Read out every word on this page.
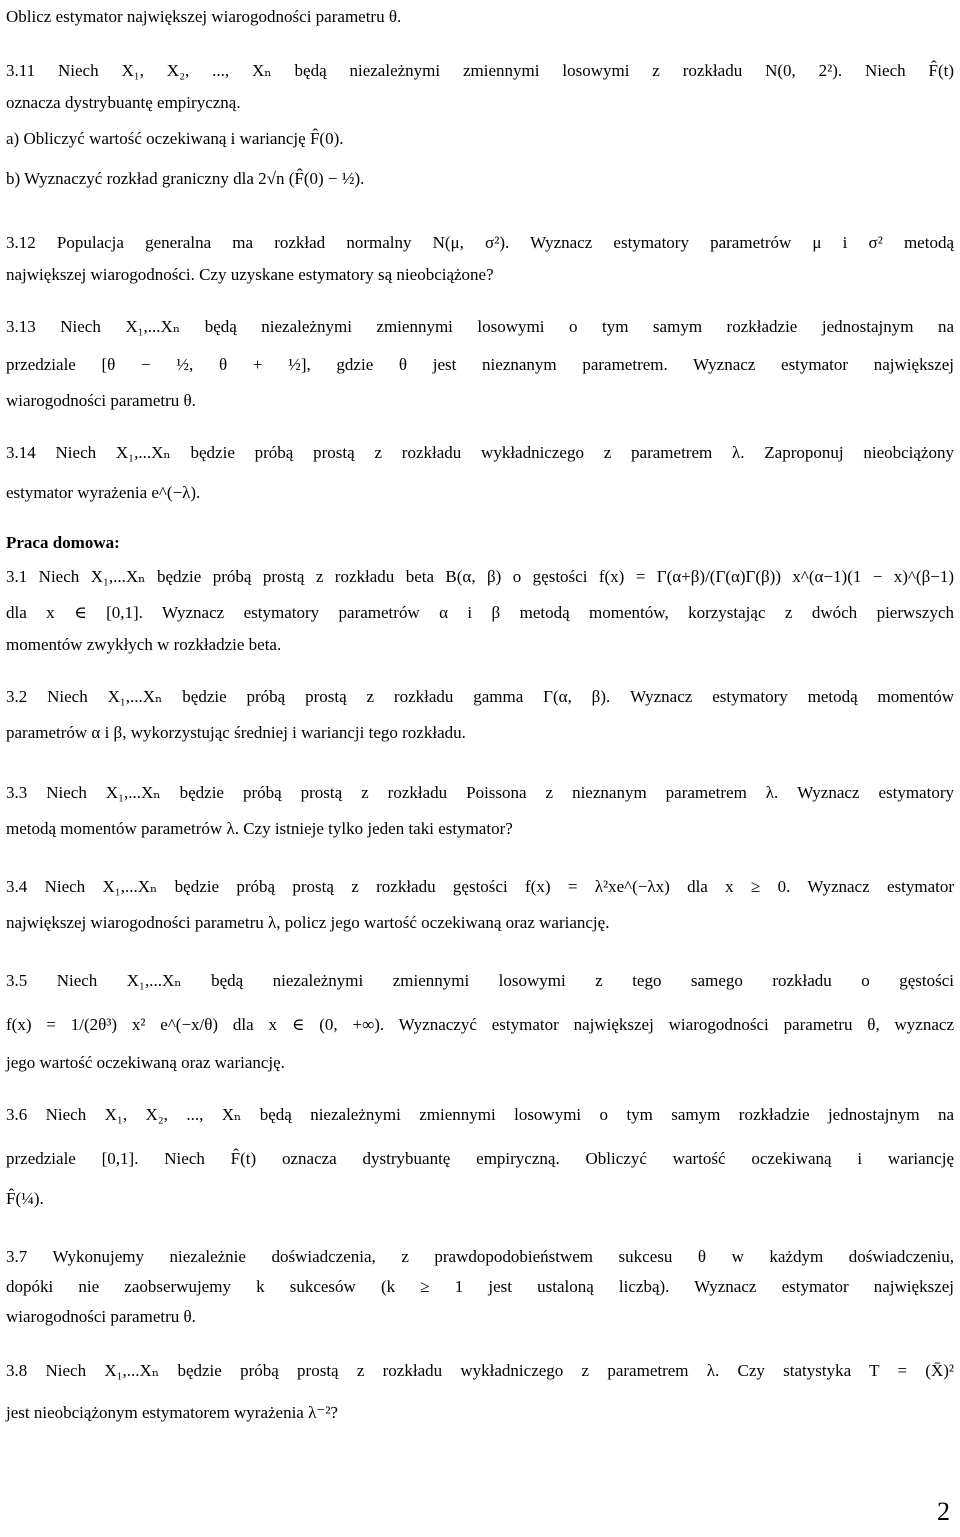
Oblicz estymator największej wiarogodności parametru θ.
3.11 Niech X₁, X₂, ..., Xₙ będą niezależnymi zmiennymi losowymi z rozkładu N(0, 2²). Niech F̂(t)
oznacza dystrybuantę empiryczną.
a) Obliczyć wartość oczekiwaną i wariancję F̂(0).
b) Wyznaczyć rozkład graniczny dla 2√n (F̂(0) − ½).
3.12 Populacja generalna ma rozkład normalny N(μ, σ²). Wyznacz estymatory parametrów μ i σ² metodą
największej wiarogodności. Czy uzyskane estymatory są nieobciążone?
3.13 Niech X₁,...Xₙ będą niezależnymi zmiennymi losowymi o tym samym rozkładzie jednostajnym na
przedziale [θ − ½, θ + ½], gdzie θ jest nieznanym parametrem. Wyznacz estymator największej
wiarogodności parametru θ.
3.14 Niech X₁,...Xₙ będzie próbą prostą z rozkładu wykładniczego z parametrem λ. Zaproponuj nieobciążony
estymator wyrażenia e^(−λ).
Praca domowa:
3.1 Niech X₁,...Xₙ będzie próbą prostą z rozkładu beta B(α, β) o gęstości f(x) = Γ(α+β)/(Γ(α)Γ(β)) x^(α−1)(1 − x)^(β−1)
dla x ∈ [0,1]. Wyznacz estymatory parametrów α i β metodą momentów, korzystając z dwóch pierwszych
momentów zwykłych w rozkładzie beta.
3.2 Niech X₁,...Xₙ będzie próbą prostą z rozkładu gamma Γ(α, β). Wyznacz estymatory metodą momentów
parametrów α i β, wykorzystując średniej i wariancji tego rozkładu.
3.3 Niech X₁,...Xₙ będzie próbą prostą z rozkładu Poissona z nieznanym parametrem λ. Wyznacz estymatory
metodą momentów parametrów λ. Czy istnieje tylko jeden taki estymator?
3.4 Niech X₁,...Xₙ będzie próbą prostą z rozkładu gęstości f(x) = λ²xe^(−λx) dla x ≥ 0. Wyznacz estymator
największej wiarogodności parametru λ, policz jego wartość oczekiwaną oraz wariancję.
3.5 Niech X₁,...Xₙ będą niezależnymi zmiennymi losowymi z tego samego rozkładu o gęstości
f(x) = 1/(2θ³) x² e^(−x/θ) dla x ∈ (0, +∞). Wyznaczyć estymator największej wiarogodności parametru θ, wyznacz
jego wartość oczekiwaną oraz wariancję.
3.6 Niech X₁, X₂, ..., Xₙ będą niezależnymi zmiennymi losowymi o tym samym rozkładzie jednostajnym na
przedziale [0,1]. Niech F̂(t) oznacza dystrybuantę empiryczną. Obliczyć wartość oczekiwaną i wariancję
F̂(¼).
3.7 Wykonujemy niezależnie doświadczenia, z prawdopodobieństwem sukcesu θ w każdym doświadczeniu,
dopóki nie zaobserwujemy k sukcesów (k ≥ 1 jest ustaloną liczbą). Wyznacz estymator największej
wiarogodności parametru θ.
3.8 Niech X₁,...Xₙ będzie próbą prostą z rozkładu wykładniczego z parametrem λ. Czy statystyka T = (X̄)²
jest nieobciążonym estymatorem wyrażenia λ⁻²?
2
